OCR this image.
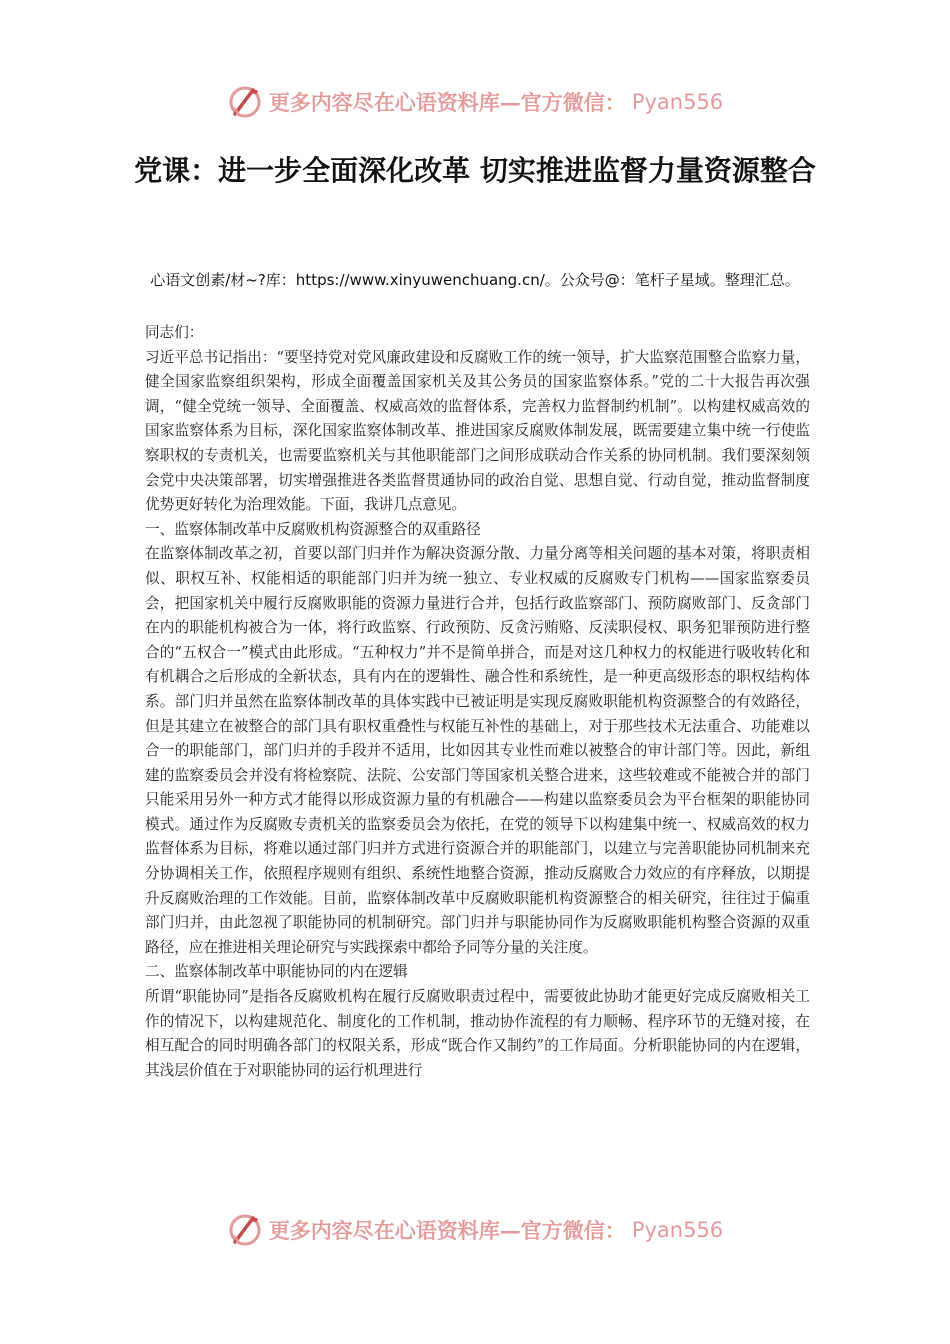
更多内容尽在心语资料库—官方微信： Pyan556
党课：进一步全面深化改革 切实推进监督力量资源整合

心语文创素/材~?库：https://www.xinyuwenchuang.cn/。公众号@：笔杆子星域。整理汇总。

同志们：

习近平总书记指出：“要坚持党对党风廉政建设和反腐败工作的统一领导，扩大监察范围整合监察力量，健全国家监察组织架构，形成全面覆盖国家机关及其公务员的国家监察体系。”党的二十大报告再次强调，“健全党统一领导、全面覆盖、权威高效的监督体系，完善权力监督制约机制”。以构建权威高效的国家监察体系为目标，深化国家监察体制改革、推进国家反腐败体制发展，既需要建立集中统一行使监察职权的专责机关，也需要监察机关与其他职能部门之间形成联动合作关系的协同机制。我们要深刻领会党中央决策部署，切实增强推进各类监督贯通协同的政治自觉、思想自觉、行动自觉，推动监督制度优势更好转化为治理效能。下面，我讲几点意见。

一、监察体制改革中反腐败机构资源整合的双重路径

在监察体制改革之初，首要以部门归并作为解决资源分散、力量分离等相关问题的基本对策，将职责相似、职权互补、权能相适的职能部门归并为统一独立、专业权威的反腐败专门机构——国家监察委员会，把国家机关中履行反腐败职能的资源力量进行合并，包括行政监察部门、预防腐败部门、反贪部门在内的职能机构被合为一体，将行政监察、行政预防、反贪污贿赂、反渎职侵权、职务犯罪预防进行整合的“五权合一”模式由此形成。“五种权力”并不是简单拼合，而是对这几种权力的权能进行吸收转化和有机耦合之后形成的全新状态，具有内在的逻辑性、融合性和系统性，是一种更高级形态的职权结构体系。部门归并虽然在监察体制改革的具体实践中已被证明是实现反腐败职能机构资源整合的有效路径，但是其建立在被整合的部门具有职权重叠性与权能互补性的基础上，对于那些技术无法重合、功能难以合一的职能部门，部门归并的手段并不适用，比如因其专业性而难以被整合的审计部门等。因此，新组建的监察委员会并没有将检察院、法院、公安部门等国家机关整合进来，这些较难或不能被合并的部门只能采用另外一种方式才能得以形成资源力量的有机融合——构建以监察委员会为平台框架的职能协同模式。通过作为反腐败专责机关的监察委员会为依托，在党的领导下以构建集中统一、权威高效的权力监督体系为目标，将难以通过部门归并方式进行资源合并的职能部门，以建立与完善职能协同机制来充分协调相关工作，依照程序规则有组织、系统性地整合资源，推动反腐败合力效应的有序释放，以期提升反腐败治理的工作效能。目前，监察体制改革中反腐败职能机构资源整合的相关研究，往往过于偏重部门归并，由此忽视了职能协同的机制研究。部门归并与职能协同作为反腐败职能机构整合资源的双重路径，应在推进相关理论研究与实践探索中都给予同等分量的关注度。

二、监察体制改革中职能协同的内在逻辑

所谓“职能协同”是指各反腐败机构在履行反腐败职责过程中，需要彼此协助才能更好完成反腐败相关工作的情况下，以构建规范化、制度化的工作机制，推动协作流程的有力顺畅、程序环节的无缝对接，在相互配合的同时明确各部门的权限关系，形成“既合作又制约”的工作局面。分析职能协同的内在逻辑，其浅层价值在于对职能协同的运行机理进行

更多内容尽在心语资料库—官方微信： Pyan556
